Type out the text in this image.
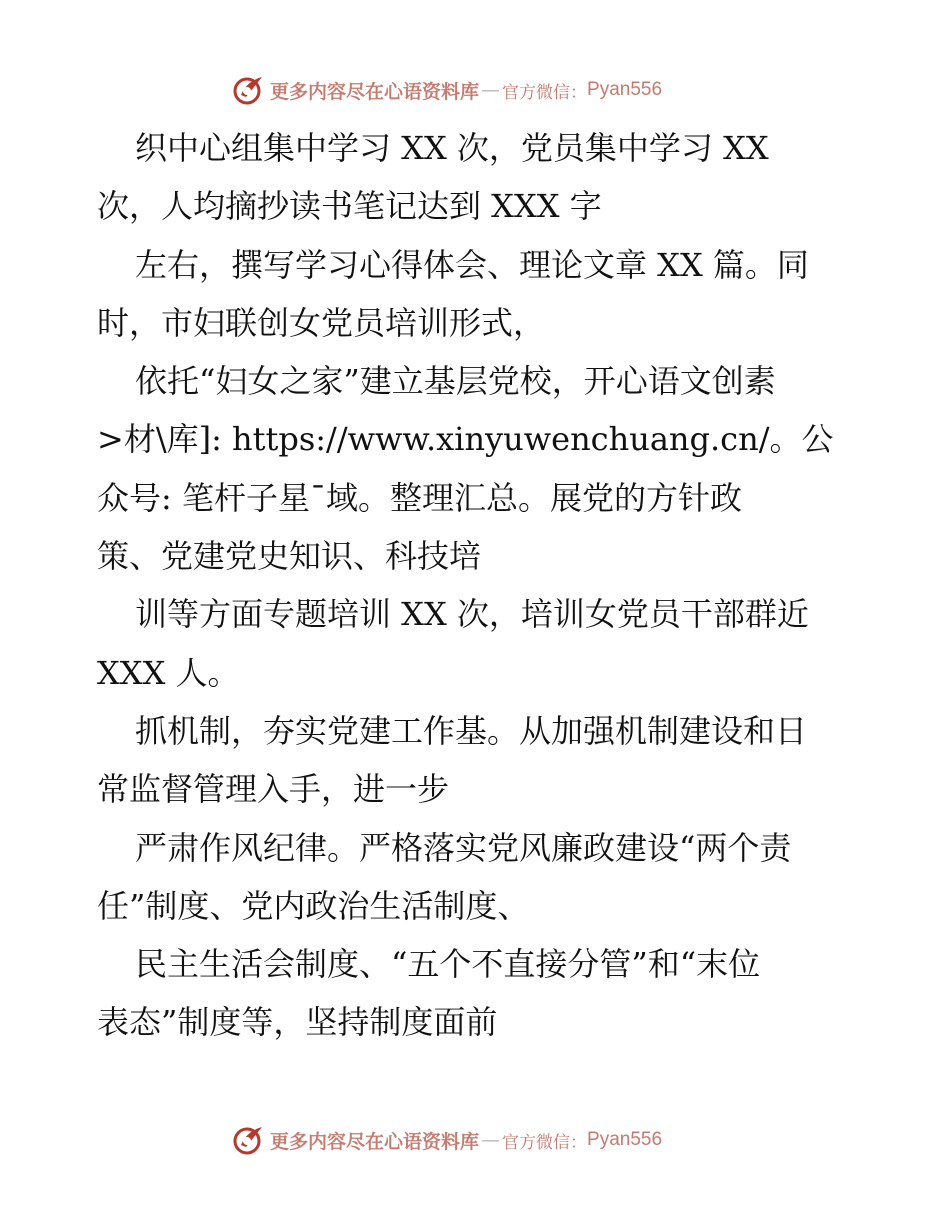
更多内容尽在心语资料库 — 官方微信： Pyan556
织中心组集中学习 XX 次，党员集中学习 XX
次，人均摘抄读书笔记达到 XXX 字
左右，撰写学习心得体会、理论文章 XX 篇。同
时，市妇联创女党员培训形式，
依托“妇女之家”建立基层党校，开心语文创素
>材\库]: https://www.xinyuwenchuang.cn/。公
众号: 笔杆子星¯域。整理汇总。展党的方针政
策、党建党史知识、科技培
训等方面专题培训 XX 次，培训女党员干部群近
XXX 人。
抓机制，夯实党建工作基。从加强机制建设和日
常监督管理入手，进一步
严肃作风纪律。严格落实党风廉政建设“两个责
任”制度、党内政治生活制度、
民主生活会制度、“五个不直接分管”和“末位
表态”制度等，坚持制度面前
更多内容尽在心语资料库 — 官方微信： Pyan556
